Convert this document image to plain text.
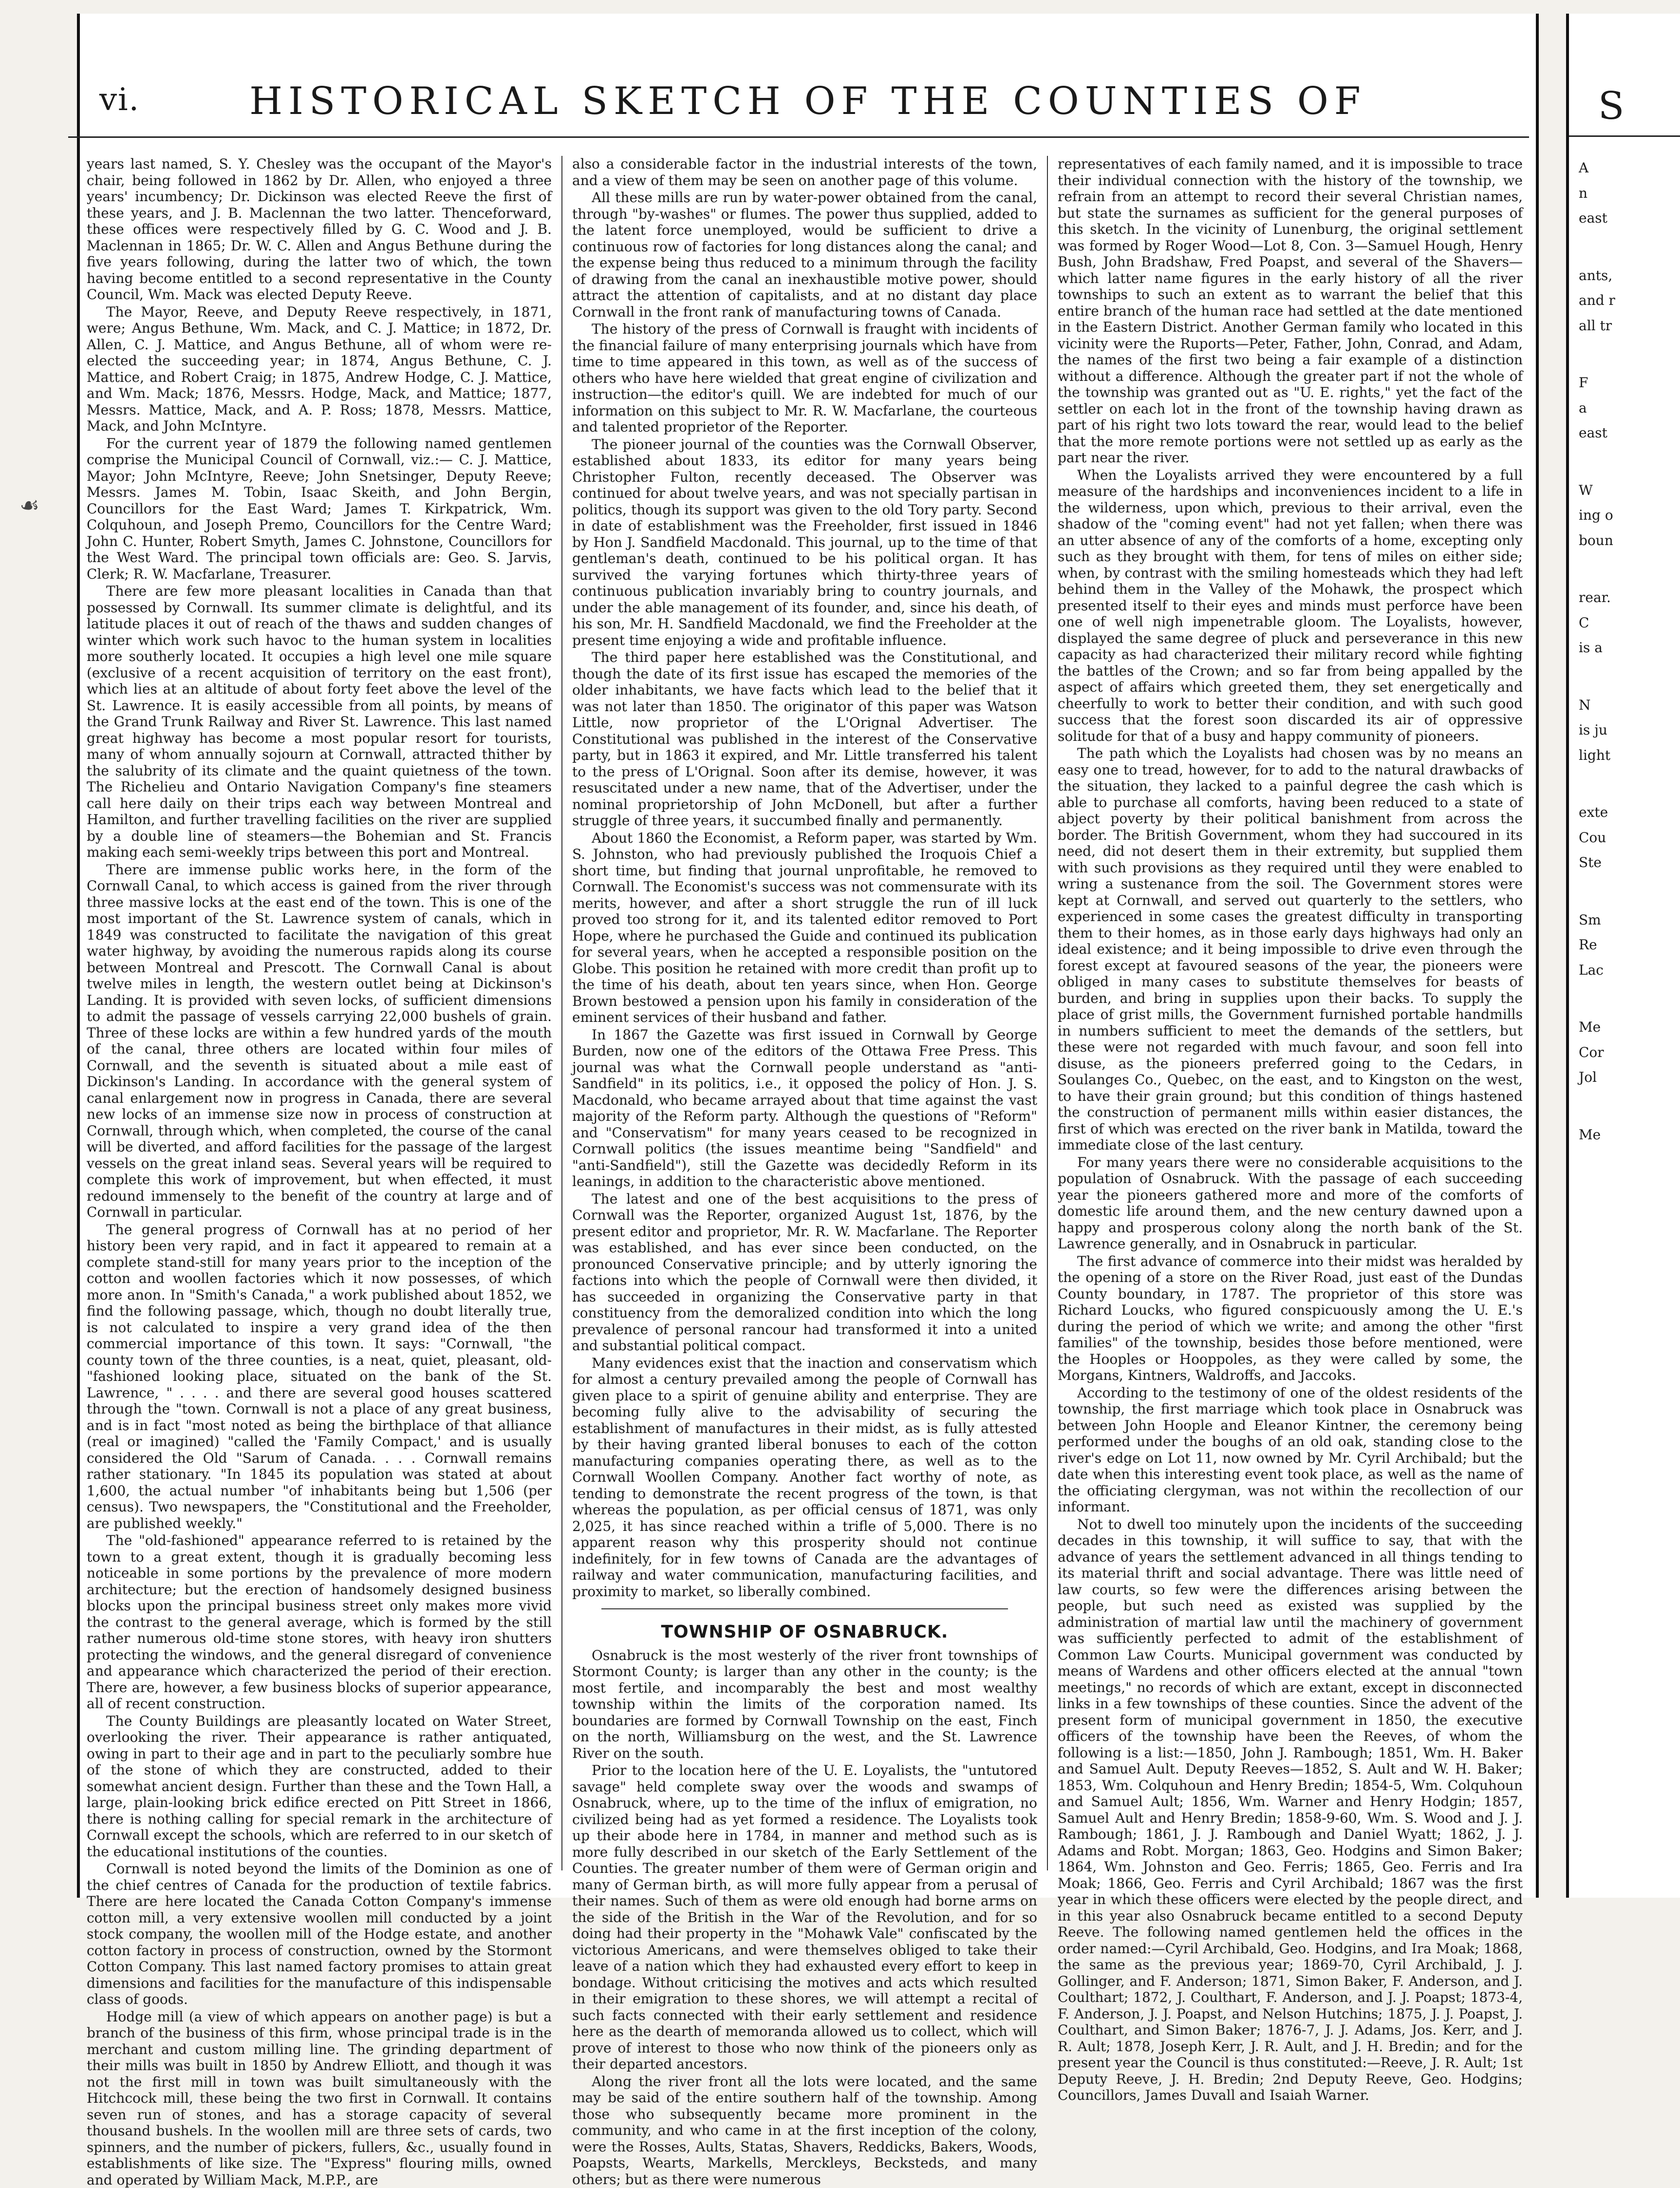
vi.	HISTORICAL SKETCH OF THE COUNTIES OF
☙

years last named, S. Y. Chesley was the occupant of the Mayor's chair, being followed in 1862 by Dr. Allen, who enjoyed a three years' incumbency; Dr. Dickinson was elected Reeve the first of these years, and J. B. Maclennan the two latter. Thenceforward, these offices were respectively filled by G. C. Wood and J. B. Maclennan in 1865; Dr. W. C. Allen and Angus Bethune during the five years following, during the latter two of which, the town having become entitled to a second representative in the County Council, Wm. Mack was elected Deputy Reeve.

The Mayor, Reeve, and Deputy Reeve respectively, in 1871, were; Angus Bethune, Wm. Mack, and C. J. Mattice; in 1872, Dr. Allen, C. J. Mattice, and Angus Bethune, all of whom were re-elected the succeeding year; in 1874, Angus Bethune, C. J. Mattice, and Robert Craig; in 1875, Andrew Hodge, C. J. Mattice, and Wm. Mack; 1876, Messrs. Hodge, Mack, and Mattice; 1877, Messrs. Mattice, Mack, and A. P. Ross; 1878, Messrs. Mattice, Mack, and John McIntyre.

For the current year of 1879 the following named gentlemen comprise the Municipal Council of Cornwall, viz.:— C. J. Mattice, Mayor; John McIntyre, Reeve; John Snetsinger, Deputy Reeve; Messrs. James M. Tobin, Isaac Skeith, and John Bergin, Councillors for the East Ward; James T. Kirkpatrick, Wm. Colquhoun, and Joseph Premo, Councillors for the Centre Ward; John C. Hunter, Robert Smyth, James C. Johnstone, Councillors for the West Ward. The principal town officials are: Geo. S. Jarvis, Clerk; R. W. Macfarlane, Treasurer.

There are few more pleasant localities in Canada than that possessed by Cornwall. Its summer climate is delightful, and its latitude places it out of reach of the thaws and sudden changes of winter which work such havoc to the human system in localities more southerly located. It occupies a high level one mile square (exclusive of a recent acquisition of territory on the east front), which lies at an altitude of about forty feet above the level of the St. Lawrence. It is easily accessible from all points, by means of the Grand Trunk Railway and River St. Lawrence. This last named great highway has become a most popular resort for tourists, many of whom annually sojourn at Cornwall, attracted thither by the salubrity of its climate and the quaint quietness of the town. The Richelieu and Ontario Navigation Company's fine steamers call here daily on their trips each way between Montreal and Hamilton, and further travelling facilities on the river are supplied by a double line of steamers—the Bohemian and St. Francis making each semi-weekly trips between this port and Montreal.

There are immense public works here, in the form of the Cornwall Canal, to which access is gained from the river through three massive locks at the east end of the town. This is one of the most important of the St. Lawrence system of canals, which in 1849 was constructed to facilitate the navigation of this great water highway, by avoiding the numerous rapids along its course between Montreal and Prescott. The Cornwall Canal is about twelve miles in length, the western outlet being at Dickinson's Landing. It is provided with seven locks, of sufficient dimensions to admit the passage of vessels carrying 22,000 bushels of grain. Three of these locks are within a few hundred yards of the mouth of the canal, three others are located within four miles of Cornwall, and the seventh is situated about a mile east of Dickinson's Landing. In accordance with the general system of canal enlargement now in progress in Canada, there are several new locks of an immense size now in process of construction at Cornwall, through which, when completed, the course of the canal will be diverted, and afford facilities for the passage of the largest vessels on the great inland seas. Several years will be required to complete this work of improvement, but when effected, it must redound immensely to the benefit of the country at large and of Cornwall in particular.

The general progress of Cornwall has at no period of her history been very rapid, and in fact it appeared to remain at a complete stand-still for many years prior to the inception of the cotton and woollen factories which it now possesses, of which more anon. In "Smith's Canada," a work published about 1852, we find the following passage, which, though no doubt literally true, is not calculated to inspire a very grand idea of the then commercial importance of this town. It says: "Cornwall, "the county town of the three counties, is a neat, quiet, pleasant, old-"fashioned looking place, situated on the bank of the St. Lawrence, " . . . . and there are several good houses scattered through the "town. Cornwall is not a place of any great business, and is in fact "most noted as being the birthplace of that alliance (real or imagined) "called the 'Family Compact,' and is usually considered the Old "Sarum of Canada. . . . Cornwall remains rather stationary. "In 1845 its population was stated at about 1,600, the actual number "of inhabitants being but 1,506 (per census). Two newspapers, the "Constitutional and the Freeholder, are published weekly."

The "old-fashioned" appearance referred to is retained by the town to a great extent, though it is gradually becoming less noticeable in some portions by the prevalence of more modern architecture; but the erection of handsomely designed business blocks upon the principal business street only makes more vivid the contrast to the general average, which is formed by the still rather numerous old-time stone stores, with heavy iron shutters protecting the windows, and the general disregard of convenience and appearance which characterized the period of their erection. There are, however, a few business blocks of superior appearance, all of recent construction.

The County Buildings are pleasantly located on Water Street, overlooking the river. Their appearance is rather antiquated, owing in part to their age and in part to the peculiarly sombre hue of the stone of which they are constructed, added to their somewhat ancient design. Further than these and the Town Hall, a large, plain-looking brick edifice erected on Pitt Street in 1866, there is nothing calling for special remark in the architecture of Cornwall except the schools, which are referred to in our sketch of the educational institutions of the counties.

Cornwall is noted beyond the limits of the Dominion as one of the chief centres of Canada for the production of textile fabrics. There are here located the Canada Cotton Company's immense cotton mill, a very extensive woollen mill conducted by a joint stock company, the woollen mill of the Hodge estate, and another cotton factory in process of construction, owned by the Stormont Cotton Company. This last named factory promises to attain great dimensions and facilities for the manufacture of this indispensable class of goods.

Hodge mill (a view of which appears on another page) is but a branch of the business of this firm, whose principal trade is in the merchant and custom milling line. The grinding department of their mills was built in 1850 by Andrew Elliott, and though it was not the first mill in town was built simultaneously with the Hitchcock mill, these being the two first in Cornwall. It contains seven run of stones, and has a storage capacity of several thousand bushels. In the woollen mill are three sets of cards, two spinners, and the number of pickers, fullers, &c., usually found in establishments of like size. The "Express" flouring mills, owned and operated by William Mack, M.P.P., are

also a considerable factor in the industrial interests of the town, and a view of them may be seen on another page of this volume.

All these mills are run by water-power obtained from the canal, through "by-washes" or flumes. The power thus supplied, added to the latent force unemployed, would be sufficient to drive a continuous row of factories for long distances along the canal; and the expense being thus reduced to a minimum through the facility of drawing from the canal an inexhaustible motive power, should attract the attention of capitalists, and at no distant day place Cornwall in the front rank of manufacturing towns of Canada.

The history of the press of Cornwall is fraught with incidents of the financial failure of many enterprising journals which have from time to time appeared in this town, as well as of the success of others who have here wielded that great engine of civilization and instruction—the editor's quill. We are indebted for much of our information on this subject to Mr. R. W. Macfarlane, the courteous and talented proprietor of the Reporter.

The pioneer journal of the counties was the Cornwall Observer, established about 1833, its editor for many years being Christopher Fulton, recently deceased. The Observer was continued for about twelve years, and was not specially partisan in politics, though its support was given to the old Tory party. Second in date of establishment was the Freeholder, first issued in 1846 by Hon J. Sandfield Macdonald. This journal, up to the time of that gentleman's death, continued to be his political organ. It has survived the varying fortunes which thirty-three years of continuous publication invariably bring to country journals, and under the able management of its founder, and, since his death, of his son, Mr. H. Sandfield Macdonald, we find the Freeholder at the present time enjoying a wide and profitable influence.

The third paper here established was the Constitutional, and though the date of its first issue has escaped the memories of the older inhabitants, we have facts which lead to the belief that it was not later than 1850. The originator of this paper was Watson Little, now proprietor of the L'Orignal Advertiser. The Constitutional was published in the interest of the Conservative party, but in 1863 it expired, and Mr. Little transferred his talent to the press of L'Orignal. Soon after its demise, however, it was resuscitated under a new name, that of the Advertiser, under the nominal proprietorship of John McDonell, but after a further struggle of three years, it succumbed finally and permanently.

About 1860 the Economist, a Reform paper, was started by Wm. S. Johnston, who had previously published the Iroquois Chief a short time, but finding that journal unprofitable, he removed to Cornwall. The Economist's success was not commensurate with its merits, however, and after a short struggle the run of ill luck proved too strong for it, and its talented editor removed to Port Hope, where he purchased the Guide and continued its publication for several years, when he accepted a responsible position on the Globe. This position he retained with more credit than profit up to the time of his death, about ten years since, when Hon. George Brown bestowed a pension upon his family in consideration of the eminent services of their husband and father.

In 1867 the Gazette was first issued in Cornwall by George Burden, now one of the editors of the Ottawa Free Press. This journal was what the Cornwall people understand as "anti-Sandfield" in its politics, i.e., it opposed the policy of Hon. J. S. Macdonald, who became arrayed about that time against the vast majority of the Reform party. Although the questions of "Reform" and "Conservatism" for many years ceased to be recognized in Cornwall politics (the issues meantime being "Sandfield" and "anti-Sandfield"), still the Gazette was decidedly Reform in its leanings, in addition to the characteristic above mentioned.

The latest and one of the best acquisitions to the press of Cornwall was the Reporter, organized August 1st, 1876, by the present editor and proprietor, Mr. R. W. Macfarlane. The Reporter was established, and has ever since been conducted, on the pronounced Conservative principle; and by utterly ignoring the factions into which the people of Cornwall were then divided, it has succeeded in organizing the Conservative party in that constituency from the demoralized condition into which the long prevalence of personal rancour had transformed it into a united and substantial political compact.

Many evidences exist that the inaction and conservatism which for almost a century prevailed among the people of Cornwall has given place to a spirit of genuine ability and enterprise. They are becoming fully alive to the advisability of securing the establishment of manufactures in their midst, as is fully attested by their having granted liberal bonuses to each of the cotton manufacturing companies operating there, as well as to the Cornwall Woollen Company. Another fact worthy of note, as tending to demonstrate the recent progress of the town, is that whereas the population, as per official census of 1871, was only 2,025, it has since reached within a trifle of 5,000. There is no apparent reason why this prosperity should not continue indefinitely, for in few towns of Canada are the advantages of railway and water communication, manufacturing facilities, and proximity to market, so liberally combined.

TOWNSHIP OF OSNABRUCK.

Osnabruck is the most westerly of the river front townships of Stormont County; is larger than any other in the county; is the most fertile, and incomparably the best and most wealthy township within the limits of the corporation named. Its boundaries are formed by Cornwall Township on the east, Finch on the north, Williamsburg on the west, and the St. Lawrence River on the south.

Prior to the location here of the U. E. Loyalists, the "untutored savage" held complete sway over the woods and swamps of Osnabruck, where, up to the time of the influx of emigration, no civilized being had as yet formed a residence. The Loyalists took up their abode here in 1784, in manner and method such as is more fully described in our sketch of the Early Settlement of the Counties. The greater number of them were of German origin and many of German birth, as will more fully appear from a perusal of their names. Such of them as were old enough had borne arms on the side of the British in the War of the Revolution, and for so doing had their property in the "Mohawk Vale" confiscated by the victorious Americans, and were themselves obliged to take their leave of a nation which they had exhausted every effort to keep in bondage. Without criticising the motives and acts which resulted in their emigration to these shores, we will attempt a recital of such facts connected with their early settlement and residence here as the dearth of memoranda allowed us to collect, which will prove of interest to those who now think of the pioneers only as their departed ancestors.

Along the river front all the lots were located, and the same may be said of the entire southern half of the township. Among those who subsequently became more prominent in the community, and who came in at the first inception of the colony, were the Rosses, Aults, Statas, Shavers, Reddicks, Bakers, Woods, Poapsts, Wearts, Markells, Merckleys, Becksteds, and many others; but as there were numerous

representatives of each family named, and it is impossible to trace their individual connection with the history of the township, we refrain from an attempt to record their several Christian names, but state the surnames as sufficient for the general purposes of this sketch. In the vicinity of Lunenburg, the original settlement was formed by Roger Wood—Lot 8, Con. 3—Samuel Hough, Henry Bush, John Bradshaw, Fred Poapst, and several of the Shavers—which latter name figures in the early history of all the river townships to such an extent as to warrant the belief that this entire branch of the human race had settled at the date mentioned in the Eastern District. Another German family who located in this vicinity were the Ruports—Peter, Father, John, Conrad, and Adam, the names of the first two being a fair example of a distinction without a difference. Although the greater part if not the whole of the township was granted out as "U. E. rights," yet the fact of the settler on each lot in the front of the township having drawn as part of his right two lots toward the rear, would lead to the belief that the more remote portions were not settled up as early as the part near the river.

When the Loyalists arrived they were encountered by a full measure of the hardships and inconveniences incident to a life in the wilderness, upon which, previous to their arrival, even the shadow of the "coming event" had not yet fallen; when there was an utter absence of any of the comforts of a home, excepting only such as they brought with them, for tens of miles on either side; when, by contrast with the smiling homesteads which they had left behind them in the Valley of the Mohawk, the prospect which presented itself to their eyes and minds must perforce have been one of well nigh impenetrable gloom. The Loyalists, however, displayed the same degree of pluck and perseverance in this new capacity as had characterized their military record while fighting the battles of the Crown; and so far from being appalled by the aspect of affairs which greeted them, they set energetically and cheerfully to work to better their condition, and with such good success that the forest soon discarded its air of oppressive solitude for that of a busy and happy community of pioneers.

The path which the Loyalists had chosen was by no means an easy one to tread, however, for to add to the natural drawbacks of the situation, they lacked to a painful degree the cash which is able to purchase all comforts, having been reduced to a state of abject poverty by their political banishment from across the border. The British Government, whom they had succoured in its need, did not desert them in their extremity, but supplied them with such provisions as they required until they were enabled to wring a sustenance from the soil. The Government stores were kept at Cornwall, and served out quarterly to the settlers, who experienced in some cases the greatest difficulty in transporting them to their homes, as in those early days highways had only an ideal existence; and it being impossible to drive even through the forest except at favoured seasons of the year, the pioneers were obliged in many cases to substitute themselves for beasts of burden, and bring in supplies upon their backs. To supply the place of grist mills, the Government furnished portable handmills in numbers sufficient to meet the demands of the settlers, but these were not regarded with much favour, and soon fell into disuse, as the pioneers preferred going to the Cedars, in Soulanges Co., Quebec, on the east, and to Kingston on the west, to have their grain ground; but this condition of things hastened the construction of permanent mills within easier distances, the first of which was erected on the river bank in Matilda, toward the immediate close of the last century.

For many years there were no considerable acquisitions to the population of Osnabruck. With the passage of each succeeding year the pioneers gathered more and more of the comforts of domestic life around them, and the new century dawned upon a happy and prosperous colony along the north bank of the St. Lawrence generally, and in Osnabruck in particular.

The first advance of commerce into their midst was heralded by the opening of a store on the River Road, just east of the Dundas County boundary, in 1787. The proprietor of this store was Richard Loucks, who figured conspicuously among the U. E.'s during the period of which we write; and among the other "first families" of the township, besides those before mentioned, were the Hooples or Hooppoles, as they were called by some, the Morgans, Kintners, Waldroffs, and Jaccoks.

According to the testimony of one of the oldest residents of the township, the first marriage which took place in Osnabruck was between John Hoople and Eleanor Kintner, the ceremony being performed under the boughs of an old oak, standing close to the river's edge on Lot 11, now owned by Mr. Cyril Archibald; but the date when this interesting event took place, as well as the name of the officiating clergyman, was not within the recollection of our informant.

Not to dwell too minutely upon the incidents of the succeeding decades in this township, it will suffice to say, that with the advance of years the settlement advanced in all things tending to its material thrift and social advantage. There was little need of law courts, so few were the differences arising between the people, but such need as existed was supplied by the administration of martial law until the machinery of government was sufficiently perfected to admit of the establishment of Common Law Courts. Municipal government was conducted by means of Wardens and other officers elected at the annual "town meetings," no records of which are extant, except in disconnected links in a few townships of these counties. Since the advent of the present form of municipal government in 1850, the executive officers of the township have been the Reeves, of whom the following is a list:—1850, John J. Rambough; 1851, Wm. H. Baker and Samuel Ault. Deputy Reeves—1852, S. Ault and W. H. Baker; 1853, Wm. Colquhoun and Henry Bredin; 1854-5, Wm. Colquhoun and Samuel Ault; 1856, Wm. Warner and Henry Hodgin; 1857, Samuel Ault and Henry Bredin; 1858-9-60, Wm. S. Wood and J. J. Rambough; 1861, J. J. Rambough and Daniel Wyatt; 1862, J. J. Adams and Robt. Morgan; 1863, Geo. Hodgins and Simon Baker; 1864, Wm. Johnston and Geo. Ferris; 1865, Geo. Ferris and Ira Moak; 1866, Geo. Ferris and Cyril Archibald; 1867 was the first year in which these officers were elected by the people direct, and in this year also Osnabruck became entitled to a second Deputy Reeve. The following named gentlemen held the offices in the order named:—Cyril Archibald, Geo. Hodgins, and Ira Moak; 1868, the same as the previous year; 1869-70, Cyril Archibald, J. J. Gollinger, and F. Anderson; 1871, Simon Baker, F. Anderson, and J. Coulthart; 1872, J. Coulthart, F. Anderson, and J. J. Poapst; 1873-4, F. Anderson, J. J. Poapst, and Nelson Hutchins; 1875, J. J. Poapst, J. Coulthart, and Simon Baker; 1876-7, J. J. Adams, Jos. Kerr, and J. R. Ault; 1878, Joseph Kerr, J. R. Ault, and J. H. Bredin; and for the present year the Council is thus constituted:—Reeve, J. R. Ault; 1st Deputy Reeve, J. H. Bredin; 2nd Deputy Reeve, Geo. Hodgins; Councillors, James Duvall and Isaiah Warner.

S
A
n
east
ants,
and r
all tr
F
a
east
W
ing o
boun
rear.
C
is a
N
is ju
light
exte
Cou
Ste
Sm
Re
Lac
Me
Cor
Jol
Me
